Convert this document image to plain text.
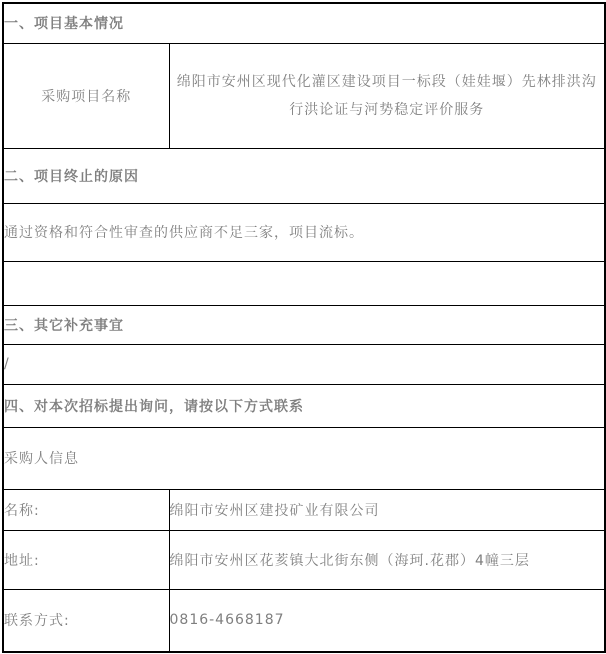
一、项目基本情况	
采购项目名称	绵阳市安州区现代化灌区建设项目一标段（娃娃堰）先林排洪沟行洪论证与河势稳定评价服务
二、项目终止的原因	
通过资格和符合性审查的供应商不足三家，项目流标。	

三、其它补充事宜	
/	
四、对本次招标提出询问，请按以下方式联系	
采购人信息	
名称:	绵阳市安州区建投矿业有限公司
地址:	绵阳市安州区花荄镇大北街东侧（海珂.花郡）4幢三层
联系方式:	0816-4668187
